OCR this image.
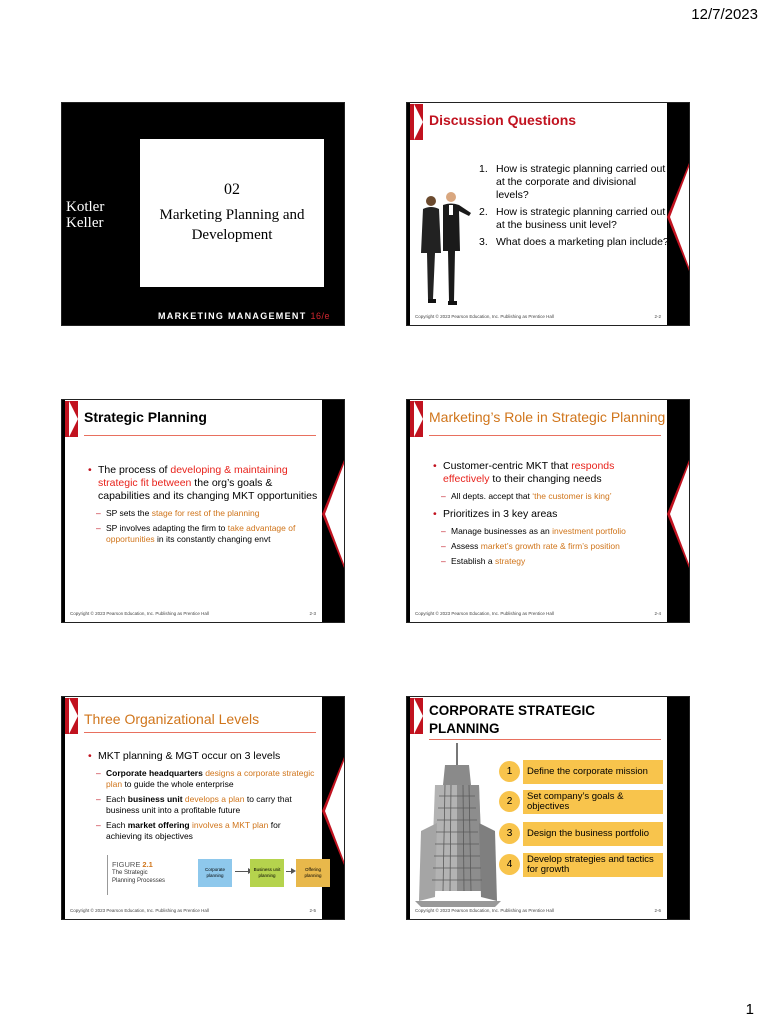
12/7/2023
Kotler
Keller
02
Marketing Planning and Development
MARKETING MANAGEMENT 16/e
Discussion Questions
1. How is strategic planning carried out at the corporate and divisional levels?
2. How is strategic planning carried out at the business unit level?
3. What does a marketing plan include?
Copyright © 2023 Pearson Education, Inc. Publishing as Prentice Hall	2-2
Strategic Planning
• The process of developing & maintaining strategic fit between the org’s goals & capabilities and its changing MKT opportunities
– SP sets the stage for rest of the planning
– SP involves adapting the firm to take advantage of opportunities in its constantly changing envt
Copyright © 2023 Pearson Education, Inc. Publishing as Prentice Hall	2-3
Marketing’s Role in Strategic Planning
• Customer-centric MKT that responds effectively to their changing needs
– All depts. accept that ‘the customer is king’
• Prioritizes in 3 key areas
– Manage businesses as an investment portfolio
– Assess market’s growth rate & firm’s position
– Establish a strategy
Copyright © 2023 Pearson Education, Inc. Publishing as Prentice Hall	2-4
Three Organizational Levels
• MKT planning & MGT occur on 3 levels
– Corporate headquarters designs a corporate strategic plan to guide the whole enterprise
– Each business unit develops a plan to carry that business unit into a profitable future
– Each market offering involves a MKT plan for achieving its objectives
FIGURE 2.1
The Strategic
Planning Processes
Corporate planning
Business unit planning
Offering planning
Copyright © 2023 Pearson Education, Inc. Publishing as Prentice Hall	2-5
CORPORATE STRATEGIC
PLANNING
1	Define the corporate mission
2	Set company’s goals & objectives
3	Design the business portfolio
4	Develop strategies and tactics for growth
Copyright © 2023 Pearson Education, Inc. Publishing as Prentice Hall	2-6
1
